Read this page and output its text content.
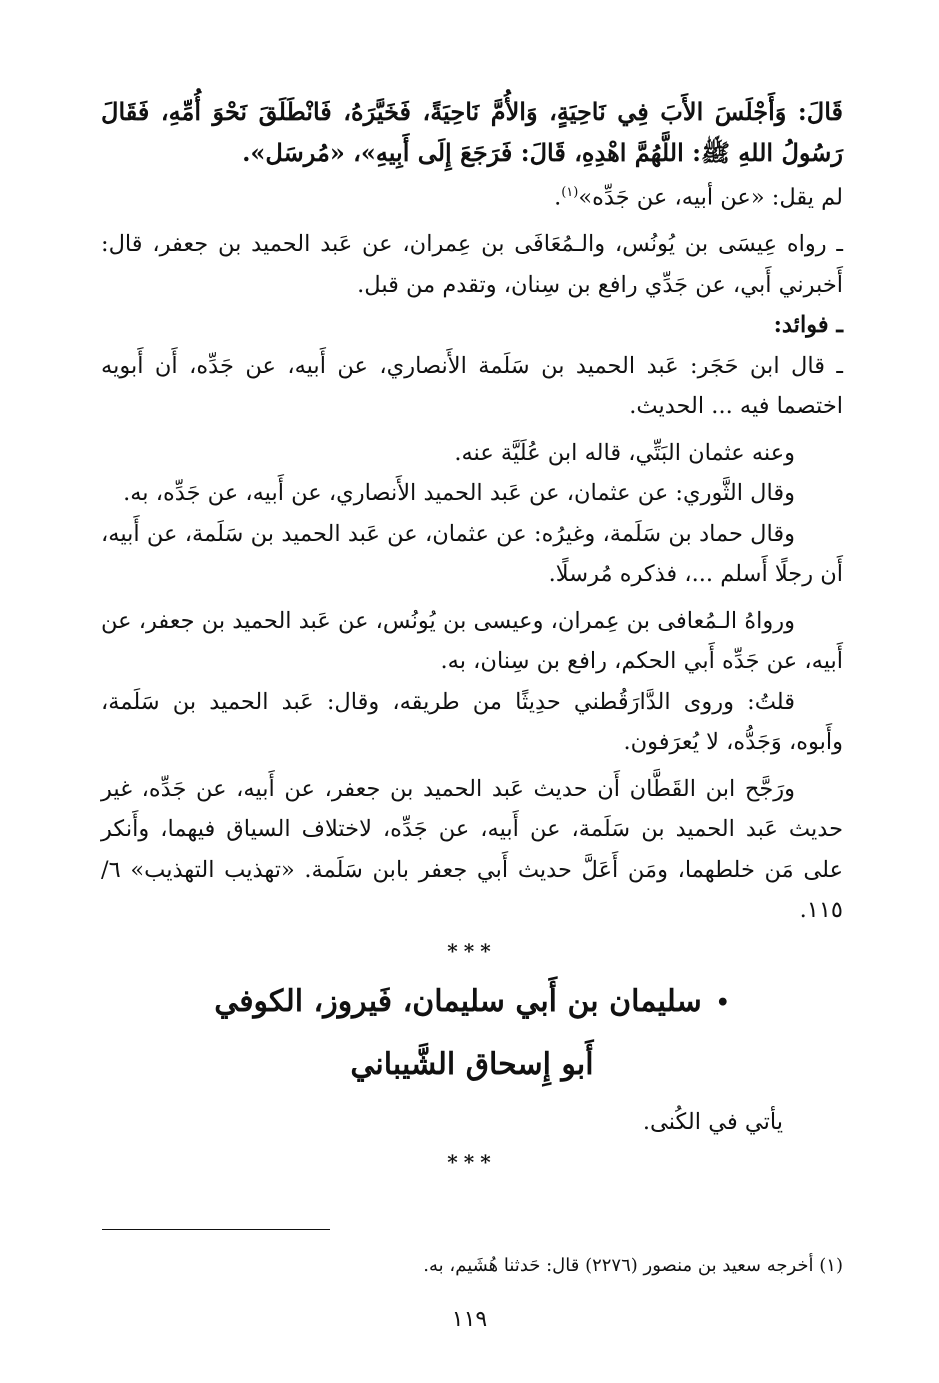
قَالَ: وَأَجْلَسَ الأَبَ فِي نَاحِيَةٍ، وَالأُمَّ نَاحِيَةً، فَخَيَّرَهُ، فَانْطَلَقَ نَحْوَ أُمِّهِ، فَقَالَ رَسُولُ اللهِ ﷺ: اللَّهُمَّ اهْدِهِ، قَالَ: فَرَجَعَ إِلَى أَبِيهِ»، «مُرسَل».

لم يقل: «عن أبيه، عن جَدِّه»$^{(١)}$.

ـ رواه عِيسَى بن يُونُس، والـمُعَافَى بن عِمران، عن عَبد الحميد بن جعفر، قال: أَخبرني أَبي، عن جَدِّي رافع بن سِنان، وتقدم من قبل.

ـ فوائد:

ـ قال ابن حَجَر: عَبد الحميد بن سَلَمة الأَنصاري، عن أَبيه، عن جَدِّه، أَن أَبويه اختصما فيه ... الحديث.

وعنه عثمان البَتِّي، قاله ابن عُلَيَّة عنه.

وقال الثَّوري: عن عثمان، عن عَبد الحميد الأَنصاري، عن أَبيه، عن جَدِّه، به.

وقال حماد بن سَلَمة، وغيرُه: عن عثمان، عن عَبد الحميد بن سَلَمة، عن أَبيه، أَن رجلًا أَسلم ...، فذكره مُرسلًا.

ورواهُ الـمُعافى بن عِمران، وعيسى بن يُونُس، عن عَبد الحميد بن جعفر، عن أَبيه، عن جَدِّه أَبي الحكم، رافع بن سِنان، به.

قلتُ: وروى الدَّارَقُطني حدِيثًا من طريقه، وقال: عَبد الحميد بن سَلَمة، وأَبوه، وَجَدُّه، لا يُعرَفون.

ورَجَّح ابن القَطَّان أَن حديث عَبد الحميد بن جعفر، عن أَبيه، عن جَدِّه، غير حديث عَبد الحميد بن سَلَمة، عن أَبيه، عن جَدِّه، لاختلاف السياق فيهما، وأَنكر على مَن خلطهما، ومَن أَعَلَّ حديث أَبي جعفر بابن سَلَمة. «تهذيب التهذيب» ٦/ ١١٥.

***
•سليمان بن أَبي سليمان، فَيروز، الكوفي
أَبو إِسحاق الشَّيباني

يأتي في الكُنى.

***
(١) أخرجه سعيد بن منصور (٢٢٧٦) قال: حَدثنا هُشَيم، به.
١١٩
